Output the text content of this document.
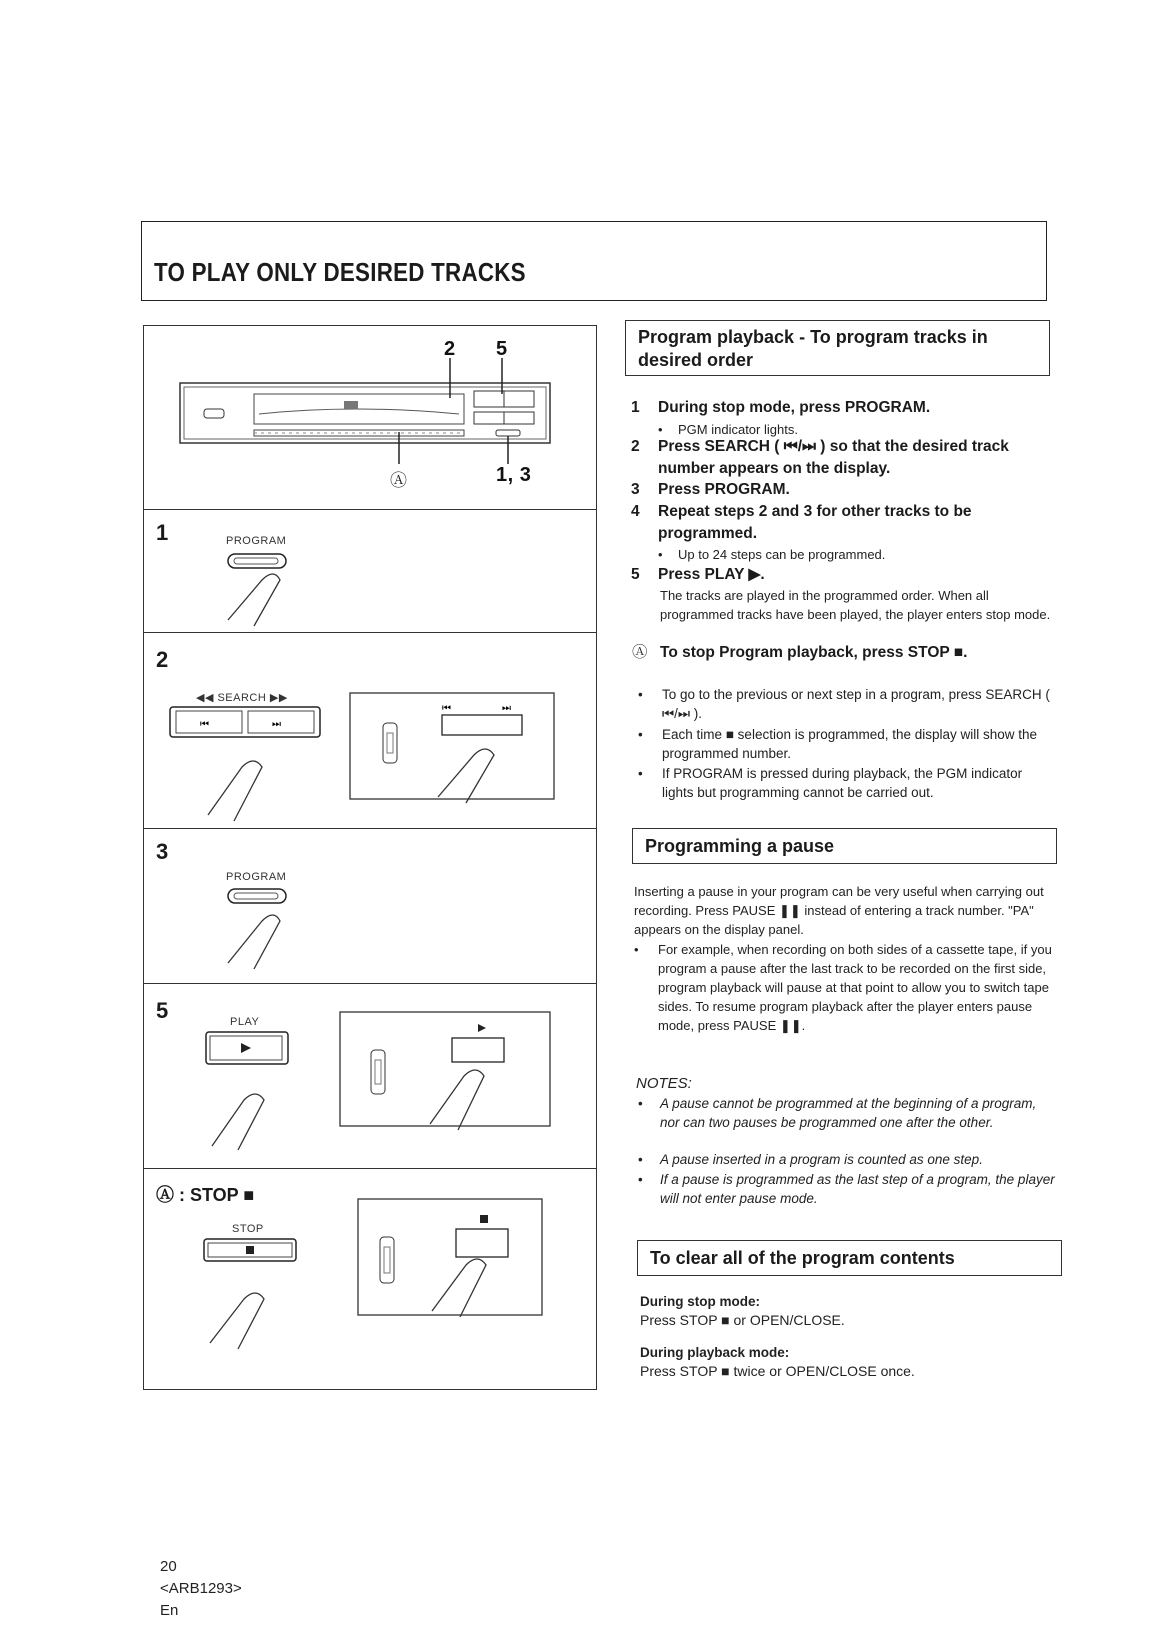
TO PLAY ONLY DESIRED TRACKS
2 5
Ⓐ	1, 3
1	PROGRAM
2
◀◀ SEARCH ▶▶
⏮	⏭
⏮	⏭
3
PROGRAM
5	PLAY
Ⓐ : STOP ■
STOP
Program playback - To program tracks in desired order
1 During stop mode, press PROGRAM.
• PGM indicator lights.
2 Press SEARCH ( ⏮/⏭ ) so that the desired track number appears on the display.
3 Press PROGRAM.
4 Repeat steps 2 and 3 for other tracks to be programmed.
• Up to 24 steps can be programmed.
5 Press PLAY ▶.
The tracks are played in the programmed order. When all programmed tracks have been played, the player enters stop mode.
Ⓐ To stop Program playback, press STOP ■.
• To go to the previous or next step in a program, press SEARCH ( ⏮/⏭ ).
• Each time ■ selection is programmed, the display will show the programmed number.
• If PROGRAM is pressed during playback, the PGM indicator lights but programming cannot be carried out.
Programming a pause
Inserting a pause in your program can be very useful when carrying out recording. Press PAUSE ❚❚ instead of entering a track number. "PA" appears on the display panel.
• For example, when recording on both sides of a cassette tape, if you program a pause after the last track to be recorded on the first side, program playback will pause at that point to allow you to switch tape sides. To resume program playback after the player enters pause mode, press PAUSE ❚❚.
NOTES:
• A pause cannot be programmed at the beginning of a program, nor can two pauses be programmed one after the other.
• A pause inserted in a program is counted as one step.
• If a pause is programmed as the last step of a program, the player will not enter pause mode.
To clear all of the program contents
During stop mode:
Press STOP ■ or OPEN/CLOSE.
During playback mode:
Press STOP ■ twice or OPEN/CLOSE once.
20
<ARB1293>
En
